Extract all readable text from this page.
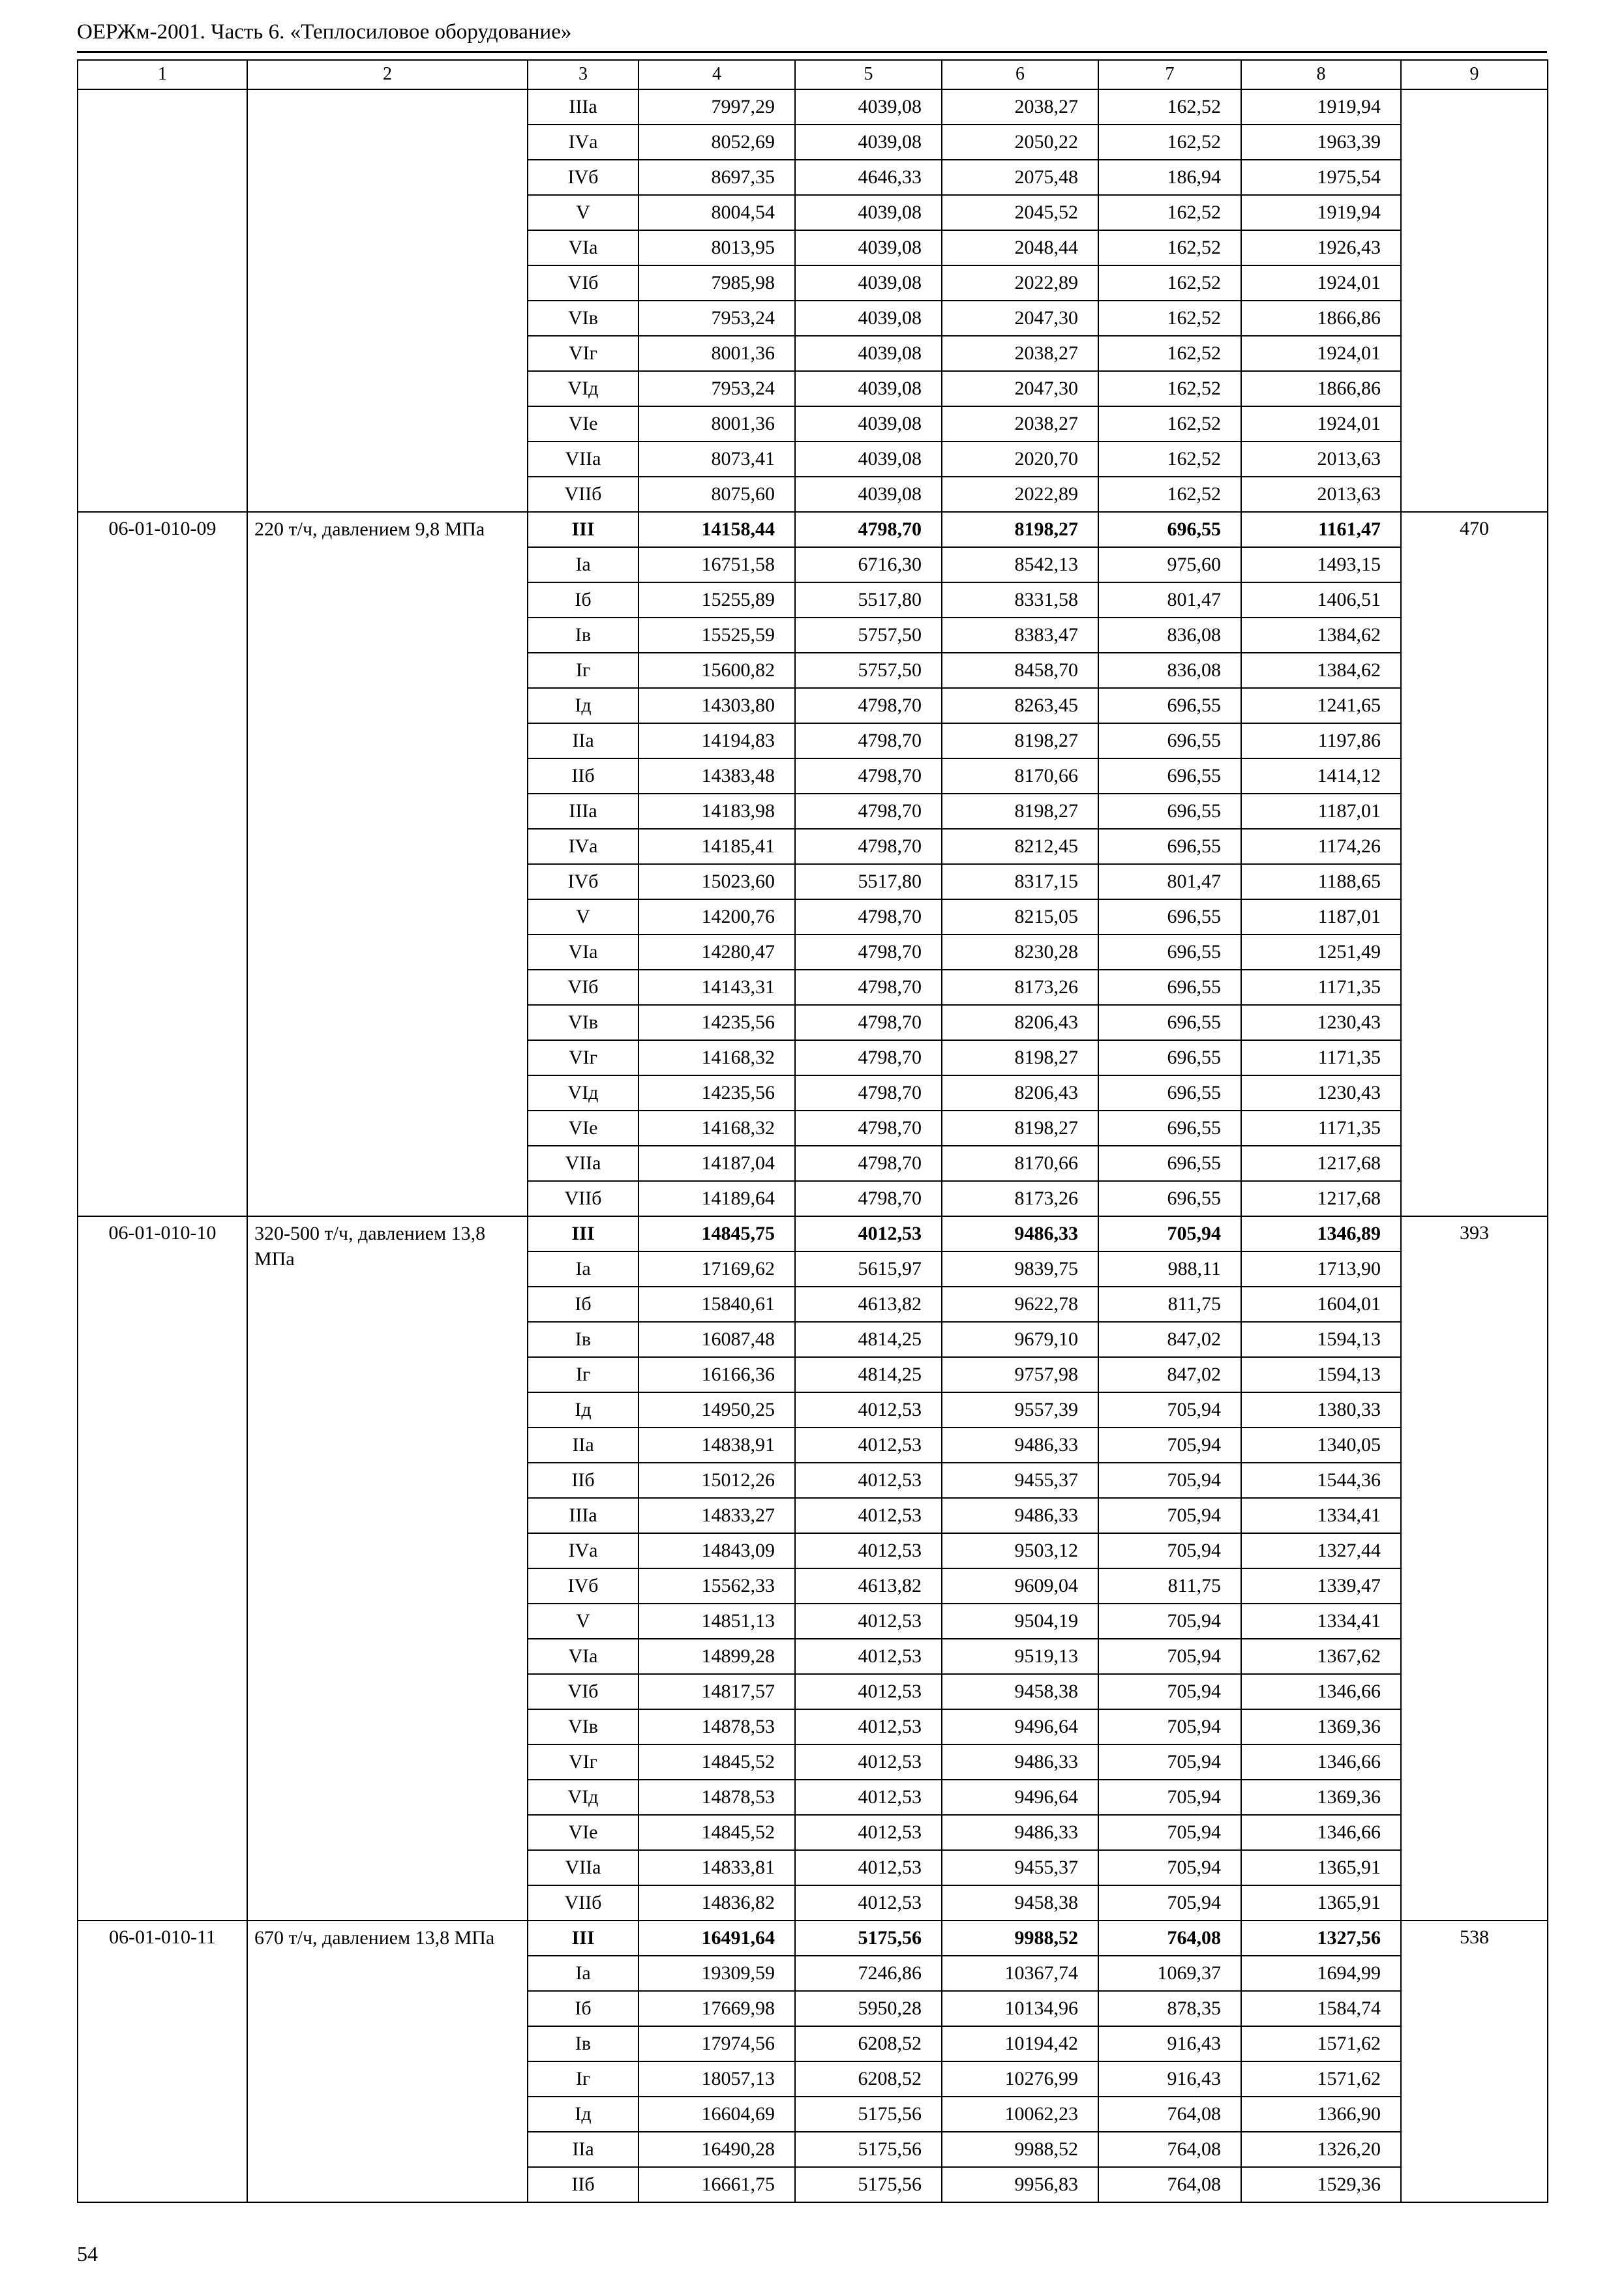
ОЕРЖм-2001. Часть 6. «Теплосиловое оборудование»
1	2	3	4	5	6	7	8	9
		IIIа	7997,29	4039,08	2038,27	162,52	1919,94	
		IVа	8052,69	4039,08	2050,22	162,52	1963,39	
		IVб	8697,35	4646,33	2075,48	186,94	1975,54	
		V	8004,54	4039,08	2045,52	162,52	1919,94	
		VIа	8013,95	4039,08	2048,44	162,52	1926,43	
		VIб	7985,98	4039,08	2022,89	162,52	1924,01	
		VIв	7953,24	4039,08	2047,30	162,52	1866,86	
		VIг	8001,36	4039,08	2038,27	162,52	1924,01	
		VIд	7953,24	4039,08	2047,30	162,52	1866,86	
		VIе	8001,36	4039,08	2038,27	162,52	1924,01	
		VIIа	8073,41	4039,08	2020,70	162,52	2013,63	
		VIIб	8075,60	4039,08	2022,89	162,52	2013,63	
06-01-010-09	220 т/ч, давлением 9,8 МПа	III	14158,44	4798,70	8198,27	696,55	1161,47	470
		Iа	16751,58	6716,30	8542,13	975,60	1493,15	
		Iб	15255,89	5517,80	8331,58	801,47	1406,51	
		Iв	15525,59	5757,50	8383,47	836,08	1384,62	
		Iг	15600,82	5757,50	8458,70	836,08	1384,62	
		Iд	14303,80	4798,70	8263,45	696,55	1241,65	
		IIа	14194,83	4798,70	8198,27	696,55	1197,86	
		IIб	14383,48	4798,70	8170,66	696,55	1414,12	
		IIIа	14183,98	4798,70	8198,27	696,55	1187,01	
		IVа	14185,41	4798,70	8212,45	696,55	1174,26	
		IVб	15023,60	5517,80	8317,15	801,47	1188,65	
		V	14200,76	4798,70	8215,05	696,55	1187,01	
		VIа	14280,47	4798,70	8230,28	696,55	1251,49	
		VIб	14143,31	4798,70	8173,26	696,55	1171,35	
		VIв	14235,56	4798,70	8206,43	696,55	1230,43	
		VIг	14168,32	4798,70	8198,27	696,55	1171,35	
		VIд	14235,56	4798,70	8206,43	696,55	1230,43	
		VIе	14168,32	4798,70	8198,27	696,55	1171,35	
		VIIа	14187,04	4798,70	8170,66	696,55	1217,68	
		VIIб	14189,64	4798,70	8173,26	696,55	1217,68	
06-01-010-10	320-500 т/ч, давлением 13,8 МПа	III	14845,75	4012,53	9486,33	705,94	1346,89	393
		Iа	17169,62	5615,97	9839,75	988,11	1713,90	
		Iб	15840,61	4613,82	9622,78	811,75	1604,01	
		Iв	16087,48	4814,25	9679,10	847,02	1594,13	
		Iг	16166,36	4814,25	9757,98	847,02	1594,13	
		Iд	14950,25	4012,53	9557,39	705,94	1380,33	
		IIа	14838,91	4012,53	9486,33	705,94	1340,05	
		IIб	15012,26	4012,53	9455,37	705,94	1544,36	
		IIIа	14833,27	4012,53	9486,33	705,94	1334,41	
		IVа	14843,09	4012,53	9503,12	705,94	1327,44	
		IVб	15562,33	4613,82	9609,04	811,75	1339,47	
		V	14851,13	4012,53	9504,19	705,94	1334,41	
		VIа	14899,28	4012,53	9519,13	705,94	1367,62	
		VIб	14817,57	4012,53	9458,38	705,94	1346,66	
		VIв	14878,53	4012,53	9496,64	705,94	1369,36	
		VIг	14845,52	4012,53	9486,33	705,94	1346,66	
		VIд	14878,53	4012,53	9496,64	705,94	1369,36	
		VIе	14845,52	4012,53	9486,33	705,94	1346,66	
		VIIа	14833,81	4012,53	9455,37	705,94	1365,91	
		VIIб	14836,82	4012,53	9458,38	705,94	1365,91	
06-01-010-11	670 т/ч, давлением 13,8 МПа	III	16491,64	5175,56	9988,52	764,08	1327,56	538
		Iа	19309,59	7246,86	10367,74	1069,37	1694,99	
		Iб	17669,98	5950,28	10134,96	878,35	1584,74	
		Iв	17974,56	6208,52	10194,42	916,43	1571,62	
		Iг	18057,13	6208,52	10276,99	916,43	1571,62	
		Iд	16604,69	5175,56	10062,23	764,08	1366,90	
		IIа	16490,28	5175,56	9988,52	764,08	1326,20	
		IIб	16661,75	5175,56	9956,83	764,08	1529,36	
54
